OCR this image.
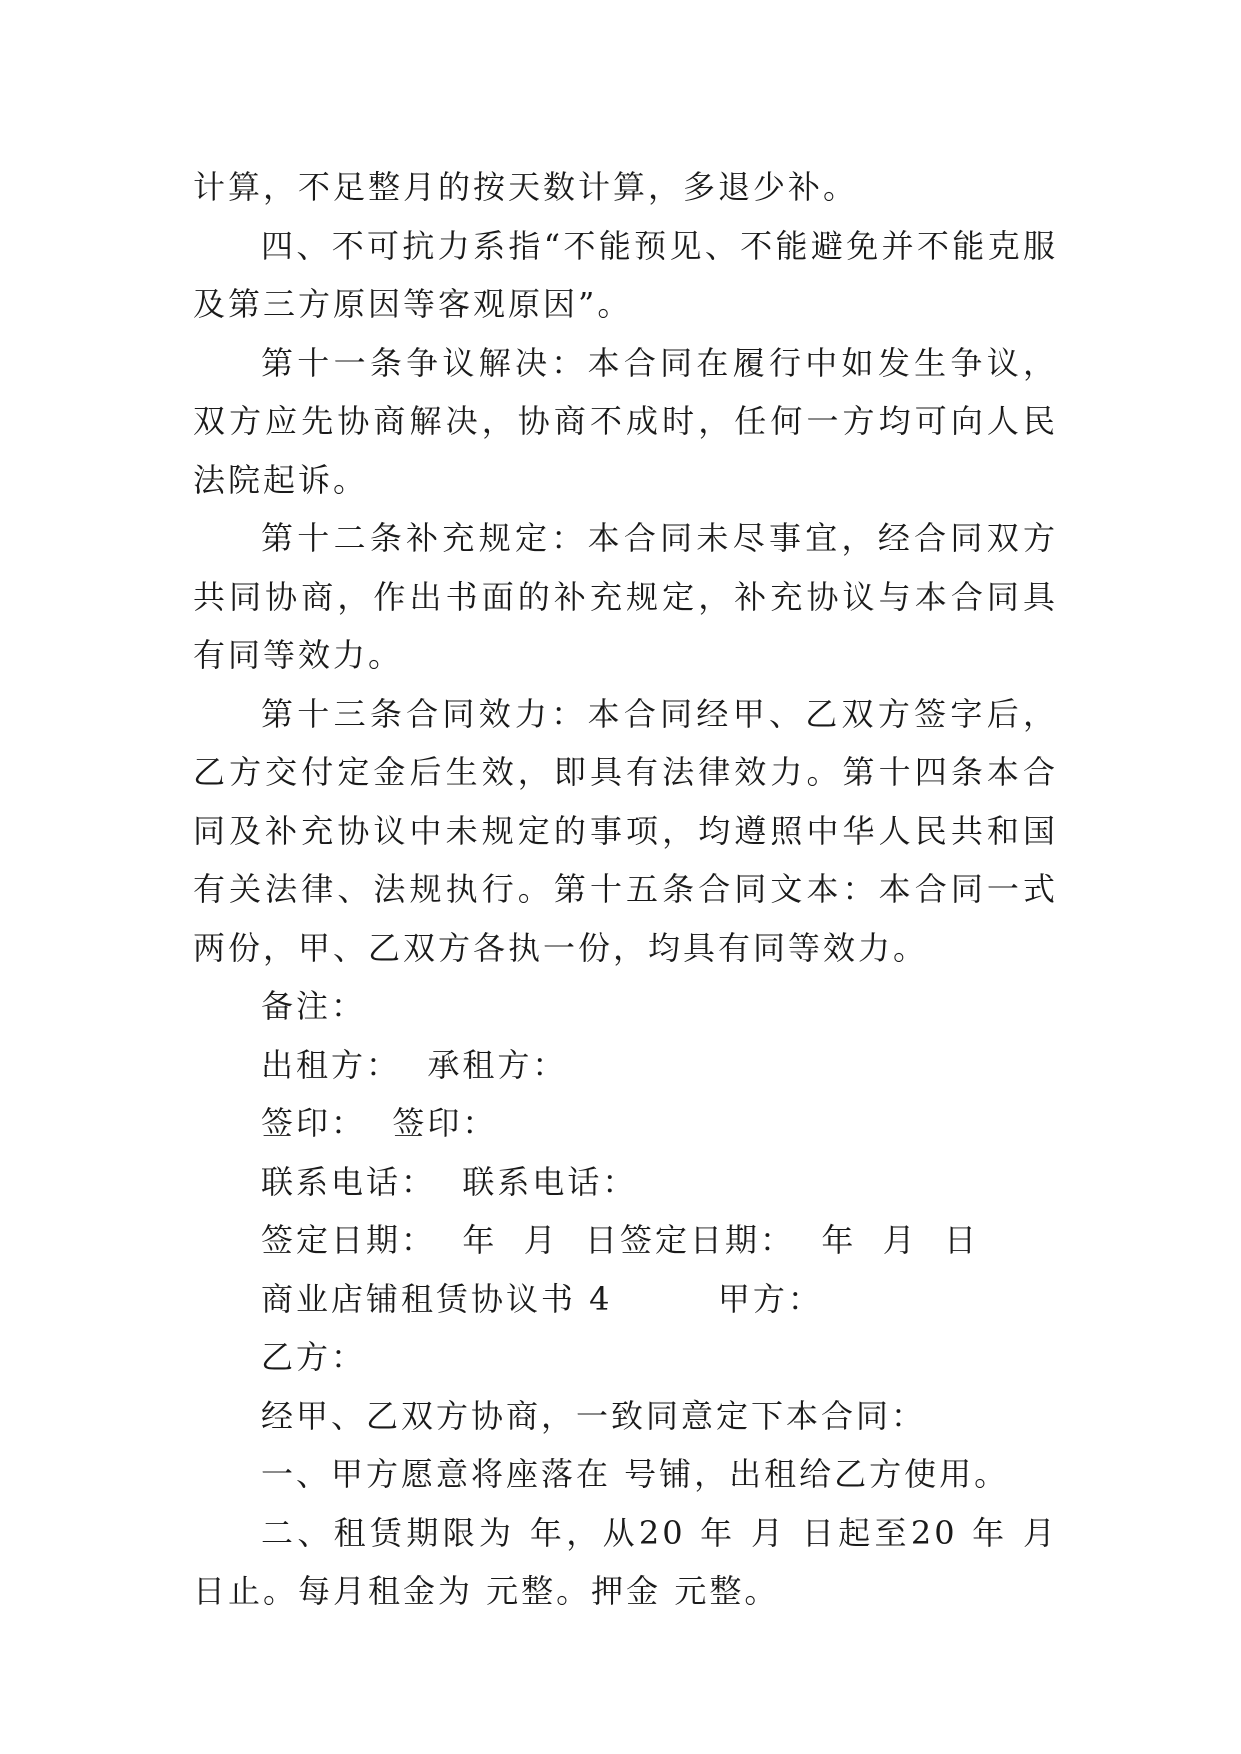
计算，不足整月的按天数计算，多退少补。

四、不可抗力系指“不能预见、不能避免并不能克服及第三方原因等客观原因”。

第十一条争议解决：本合同在履行中如发生争议，双方应先协商解决，协商不成时，任何一方均可向人民法院起诉。

第十二条补充规定：本合同未尽事宜，经合同双方共同协商，作出书面的补充规定，补充协议与本合同具有同等效力。

第十三条合同效力：本合同经甲、乙双方签字后，乙方交付定金后生效，即具有法律效力。第十四条本合同及补充协议中未规定的事项，均遵照中华人民共和国有关法律、法规执行。第十五条合同文本：本合同一式两份，甲、乙双方各执一份，均具有同等效力。

备注：
出租方：  承租方：
签印：  签印：
联系电话：  联系电话：
签定日期：  年  月  日签定日期：  年  月  日
商业店铺租赁协议书 4        甲方：
乙方：
经甲、乙双方协商，一致同意定下本合同：
一、甲方愿意将座落在 号铺，出租给乙方使用。

二、租赁期限为 年，从20 年 月 日起至20 年 月 日止。每月租金为 元整。押金 元整。
